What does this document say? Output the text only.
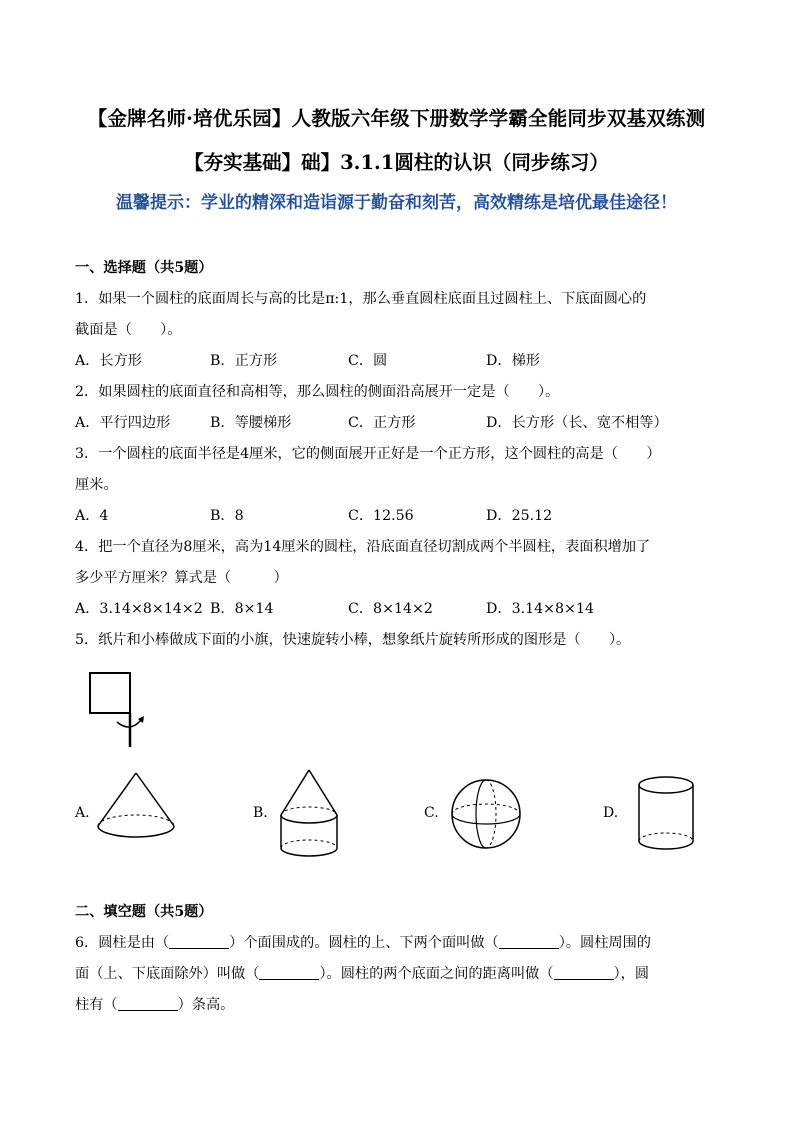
【金牌名师·培优乐园】人教版六年级下册数学学霸全能同步双基双练测
【夯实基础】础】3.1.1圆柱的认识（同步练习）
温馨提示：学业的精深和造诣源于勤奋和刻苦，高效精练是培优最佳途径！
一、选择题（共5题）
1．如果一个圆柱的底面周长与高的比是π:1，那么垂直圆柱底面且过圆柱上、下底面圆心的
截面是（　　）。
A．长方形	B．正方形	C．圆	D．梯形
2．如果圆柱的底面直径和高相等，那么圆柱的侧面沿高展开一定是（　　）。
A．平行四边形	B．等腰梯形	C．正方形	D．长方形（长、宽不相等）
3．一个圆柱的底面半径是4厘米，它的侧面展开正好是一个正方形，这个圆柱的高是（　　）
厘米。
A．4	B．8	C．12.56	D．25.12
4．把一个直径为8厘米，高为14厘米的圆柱，沿底面直径切割成两个半圆柱，表面积增加了
多少平方厘米？算式是（　　　）
A．3.14×8×14×2 B．8×14	C．8×14×2	D．3.14×8×14
5．纸片和小棒做成下面的小旗，快速旋转小棒，想象纸片旋转所形成的图形是（　　）。
A.	B.	C.	D.
二、填空题（共5题）
6．圆柱是由（	）个面围成的。圆柱的上、下两个面叫做（	）。圆柱周围的
面（上、下底面除外）叫做（	）。圆柱的两个底面之间的距离叫做（	），圆
柱有（	）条高。
